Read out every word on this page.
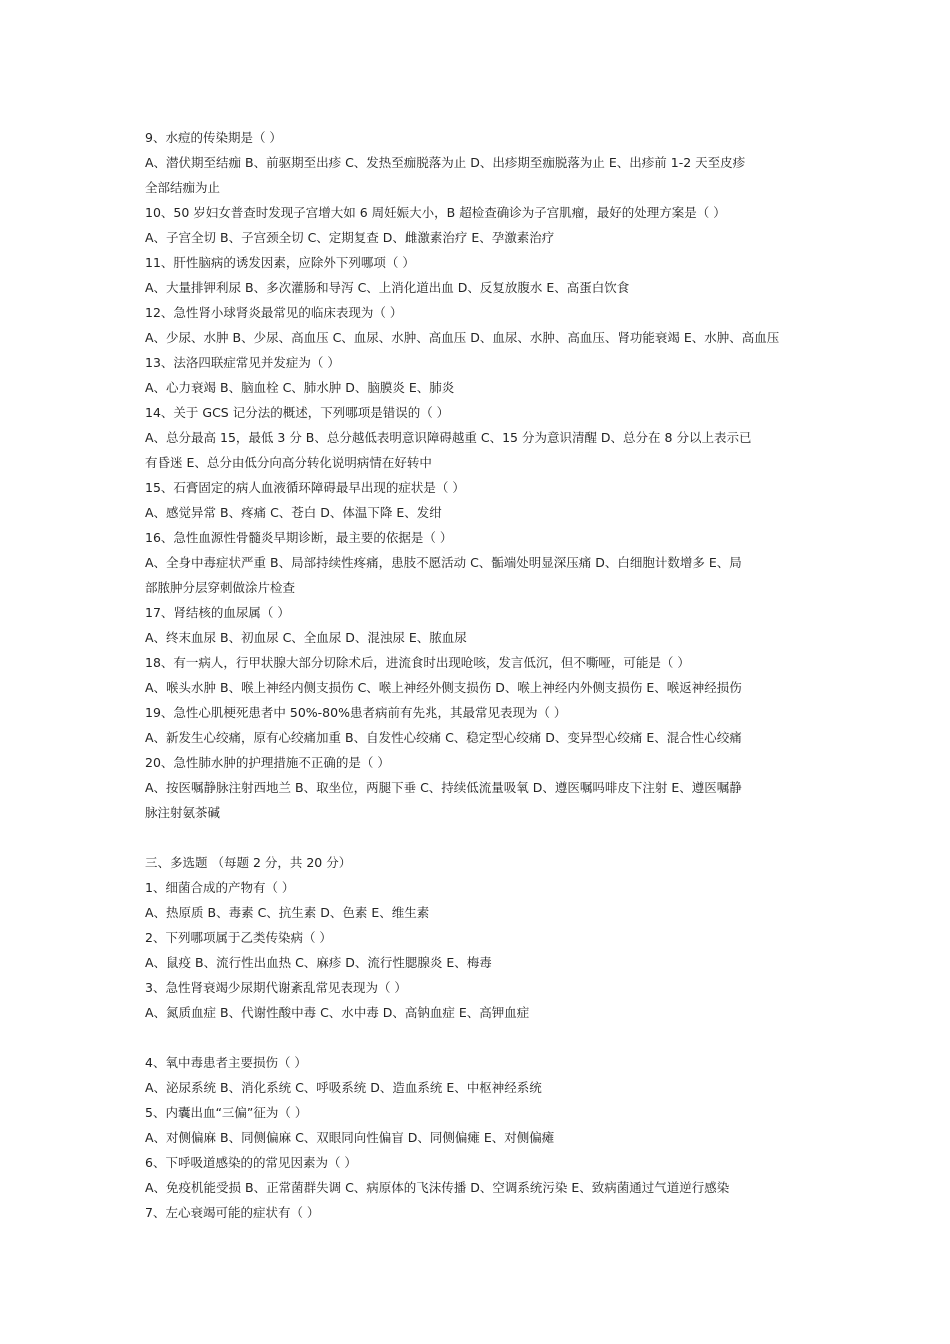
9、水痘的传染期是（ ）
A、潜伏期至结痂 B、前驱期至出疹 C、发热至痂脱落为止 D、出疹期至痂脱落为止 E、出疹前 1-2 天至皮疹
全部结痂为止
10、50 岁妇女普查时发现子宫增大如 6 周妊娠大小，B 超检查确诊为子宫肌瘤，最好的处理方案是（ ）
A、子宫全切 B、子宫颈全切 C、定期复查 D、雌激素治疗 E、孕激素治疗
11、肝性脑病的诱发因素，应除外下列哪项（ ）
A、大量排钾利尿 B、多次灌肠和导泻 C、上消化道出血 D、反复放腹水 E、高蛋白饮食
12、急性肾小球肾炎最常见的临床表现为（ ）
A、少尿、水肿 B、少尿、高血压 C、血尿、水肿、高血压 D、血尿、水肿、高血压、肾功能衰竭 E、水肿、高血压
13、法洛四联症常见并发症为（ ）
A、心力衰竭 B、脑血栓 C、肺水肿 D、脑膜炎 E、肺炎
14、关于 GCS 记分法的概述，下列哪项是错误的（ ）
A、总分最高 15，最低 3 分 B、总分越低表明意识障碍越重 C、15 分为意识清醒 D、总分在 8 分以上表示已
有昏迷 E、总分由低分向高分转化说明病情在好转中
15、石膏固定的病人血液循环障碍最早出现的症状是（ ）
A、感觉异常 B、疼痛 C、苍白 D、体温下降 E、发绀
16、急性血源性骨髓炎早期诊断，最主要的依据是（ ）
A、全身中毒症状严重 B、局部持续性疼痛，患肢不愿活动 C、骺端处明显深压痛 D、白细胞计数增多 E、局
部脓肿分层穿刺做涂片检查
17、肾结核的血尿属（ ）
A、终末血尿 B、初血尿 C、全血尿 D、混浊尿 E、脓血尿
18、有一病人，行甲状腺大部分切除术后，进流食时出现呛咳，发言低沉，但不嘶哑，可能是（ ）
A、喉头水肿 B、喉上神经内侧支损伤 C、喉上神经外侧支损伤 D、喉上神经内外侧支损伤 E、喉返神经损伤
19、急性心肌梗死患者中 50%-80%患者病前有先兆，其最常见表现为（ ）
A、新发生心绞痛，原有心绞痛加重 B、自发性心绞痛 C、稳定型心绞痛 D、变异型心绞痛 E、混合性心绞痛
20、急性肺水肿的护理措施不正确的是（ ）
A、按医嘱静脉注射西地兰 B、取坐位，两腿下垂 C、持续低流量吸氧 D、遵医嘱吗啡皮下注射 E、遵医嘱静
脉注射氨茶碱
三、多选题 （每题 2 分，共 20 分）
1、细菌合成的产物有（ ）
A、热原质 B、毒素 C、抗生素 D、色素 E、维生素
2、下列哪项属于乙类传染病（ ）
A、鼠疫 B、流行性出血热 C、麻疹 D、流行性腮腺炎 E、梅毒
3、急性肾衰竭少尿期代谢紊乱常见表现为（ ）
A、氮质血症 B、代谢性酸中毒 C、水中毒 D、高钠血症 E、高钾血症
4、氧中毒患者主要损伤（ ）
A、泌尿系统 B、消化系统 C、呼吸系统 D、造血系统 E、中枢神经系统
5、内囊出血“三偏”征为（ ）
A、对侧偏麻 B、同侧偏麻 C、双眼同向性偏盲 D、同侧偏瘫 E、对侧偏瘫
6、下呼吸道感染的的常见因素为（ ）
A、免疫机能受损 B、正常菌群失调 C、病原体的飞沫传播 D、空调系统污染 E、致病菌通过气道逆行感染
7、左心衰竭可能的症状有（ ）
